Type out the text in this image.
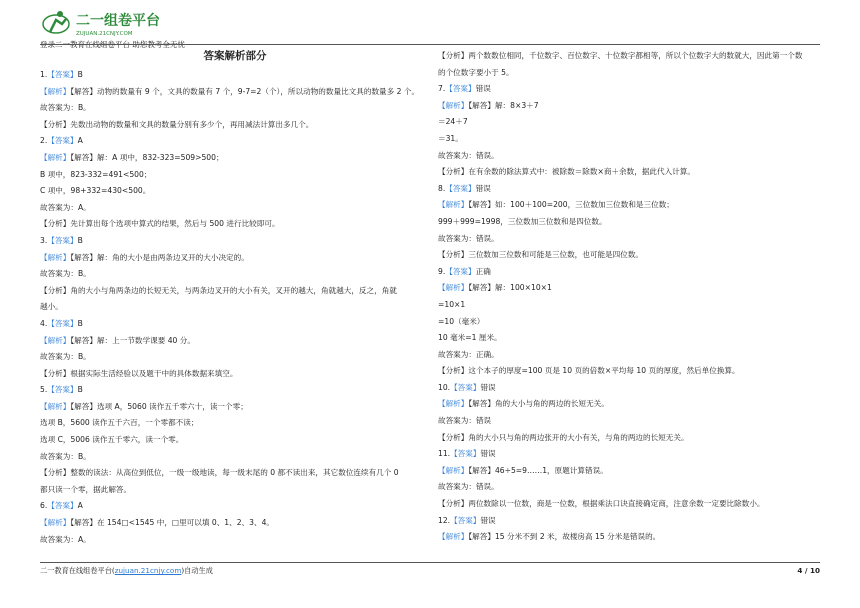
二一组卷平台
ZUJUAN.21CNJY.COM
登录二一教育在线组卷平台 助您教考全无忧
答案解析部分
1.【答案】B
【解析】【解答】动物的数量有 9 个，文具的数量有 7 个，9-7=2（个），所以动物的数量比文具的数量多 2 个。
故答案为：B。
【分析】先数出动物的数量和文具的数量分别有多少个，再用减法计算出多几个。
2.【答案】A
【解析】【解答】解：A 项中，832-323=509>500；
B 项中，823-332=491<500；
C 项中，98+332=430<500。
故答案为：A。
【分析】先计算出每个选项中算式的结果，然后与 500 进行比较即可。
3.【答案】B
【解析】【解答】解：角的大小是由两条边叉开的大小决定的。
故答案为：B。
【分析】角的大小与角两条边的长短无关，与两条边叉开的大小有关，叉开的越大，角就越大，反之，角就
越小。
4.【答案】B
【解析】【解答】解：上一节数学课要 40 分。
故答案为：B。
【分析】根据实际生活经验以及题干中的具体数据来填空。
5.【答案】B
【解析】【解答】选项 A，5060 读作五千零六十，读一个零；
选项 B，5600 读作五千六百，一个零都不读；
选项 C，5006 读作五千零六，读一个零。
故答案为：B。
【分析】整数的读法：从高位到低位，一级一级地读，每一级末尾的 0 都不读出来，其它数位连续有几个 0
都只读一个零，据此解答。
6.【答案】A
【解析】【解答】在 154□<1545 中，□里可以填 0、1、2、3、4。
故答案为：A。
【分析】两个数数位相同，千位数字、百位数字、十位数字都相等，所以个位数字大的数就大，因此第一个数
的个位数字要小于 5。
7.【答案】错误
【解析】【解答】解：8×3＋7
＝24＋7
＝31。
故答案为：错误。
【分析】在有余数的除法算式中：被除数＝除数×商＋余数，据此代入计算。
8.【答案】错误
【解析】【解答】如：100＋100=200，三位数加三位数和是三位数；
999＋999=1998，三位数加三位数和是四位数。
故答案为：错误。
【分析】三位数加三位数和可能是三位数，也可能是四位数。
9.【答案】正确
【解析】【解答】解：100×10×1
=10×1
=10（毫米）
10 毫米=1 厘米。
故答案为：正确。
【分析】这个本子的厚度=100 页是 10 页的倍数×平均每 10 页的厚度，然后单位换算。
10.【答案】错误
【解析】【解答】角的大小与角的两边的长短无关。
故答案为：错误
【分析】角的大小只与角的两边张开的大小有关，与角的两边的长短无关。
11.【答案】错误
【解析】【解答】46÷5=9……1，原题计算错误。
故答案为：错误。
【分析】两位数除以一位数，商是一位数，根据乘法口诀直接确定商，注意余数一定要比除数小。
12.【答案】错误
【解析】【解答】15 分米不到 2 米，故楼房高 15 分米是错误的。
二一教育在线组卷平台(zujuan.21cnjy.com)自动生成	4 / 10
